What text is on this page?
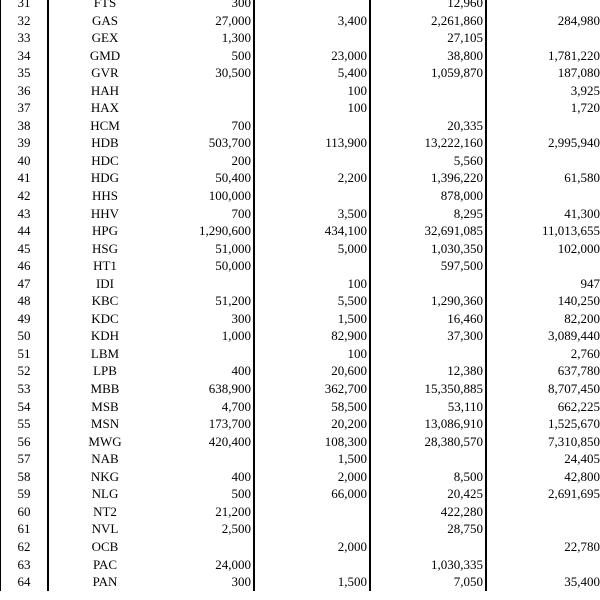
31	FTS	300		12,960	
32	GAS	27,000	3,400	2,261,860	284,980
33	GEX	1,300		27,105	
34	GMD	500	23,000	38,800	1,781,220
35	GVR	30,500	5,400	1,059,870	187,080
36	HAH		100		3,925
37	HAX		100		1,720
38	HCM	700		20,335	
39	HDB	503,700	113,900	13,222,160	2,995,940
40	HDC	200		5,560	
41	HDG	50,400	2,200	1,396,220	61,580
42	HHS	100,000		878,000	
43	HHV	700	3,500	8,295	41,300
44	HPG	1,290,600	434,100	32,691,085	11,013,655
45	HSG	51,000	5,000	1,030,350	102,000
46	HT1	50,000		597,500	
47	IDI		100		947
48	KBC	51,200	5,500	1,290,360	140,250
49	KDC	300	1,500	16,460	82,200
50	KDH	1,000	82,900	37,300	3,089,440
51	LBM		100		2,760
52	LPB	400	20,600	12,380	637,780
53	MBB	638,900	362,700	15,350,885	8,707,450
54	MSB	4,700	58,500	53,110	662,225
55	MSN	173,700	20,200	13,086,910	1,525,670
56	MWG	420,400	108,300	28,380,570	7,310,850
57	NAB		1,500		24,405
58	NKG	400	2,000	8,500	42,800
59	NLG	500	66,000	20,425	2,691,695
60	NT2	21,200		422,280	
61	NVL	2,500		28,750	
62	OCB		2,000		22,780
63	PAC	24,000		1,030,335	
64	PAN	300	1,500	7,050	35,400
